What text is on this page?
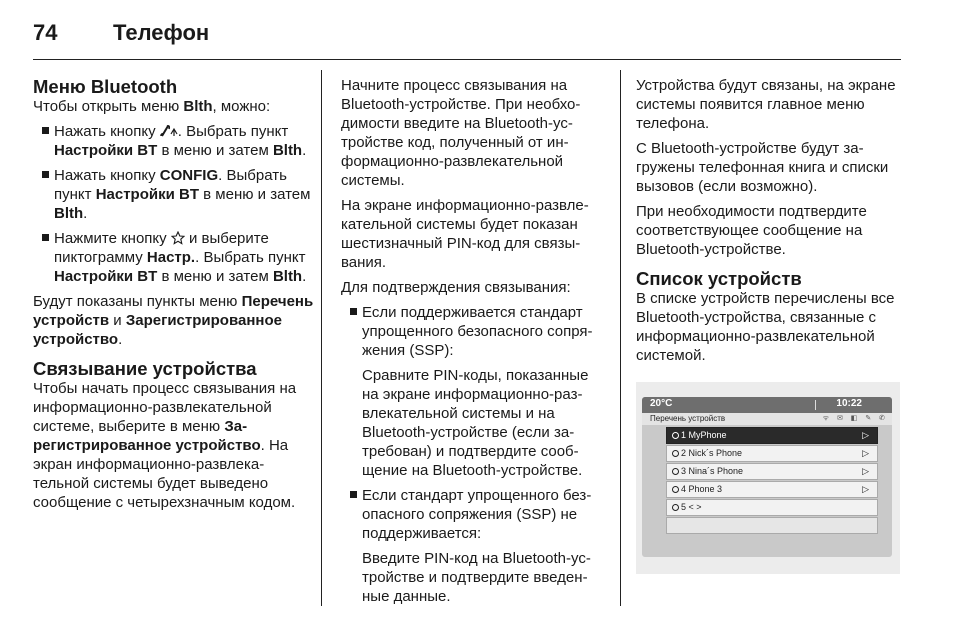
74	Телефон
Меню Bluetooth

Чтобы открыть меню Blth, можно:

Нажать кнопку . Выбрать пункт Настройки BT в меню и затем Blth.
Нажать кнопку CONFIG. Выбрать пункт Настройки BT в меню и затем Blth.
Нажмите кнопку  и выберите пиктограмму Настр.. Выбрать пункт Настройки BT в меню и затем Blth.

Будут показаны пункты меню Перечень устройств и Зарегистрированное устройство.

Связывание устройства

Чтобы начать процесс связывания на информационно-развлекательной системе, выберите в меню Зарегистрированное устройство. На экран информационно-развлекательной системы будет выведено сообщение с четырехзначным кодом.

Начните процесс связывания на Bluetooth-устройстве. При необходимости введите на Bluetooth-устройстве код, полученный от информационно-развлекательной системы.

На экране информационно-развлекательной системы будет показан шестизначный PIN-код для связывания.

Для подтверждения связывания:

Если поддерживается стандарт упрощенного безопасного сопряжения (SSP):

Сравните PIN-коды, показанные на экране информационно-развлекательной системы и на Bluetooth-устройстве (если затребован) и подтвердите сообщение на Bluetooth-устройстве.

Если стандарт упрощенного безопасного сопряжения (SSP) не поддерживается:

Введите PIN-код на Bluetooth-устройстве и подтвердите введенные данные.

Устройства будут связаны, на экране системы появится главное меню телефона.

С Bluetooth-устройстве будут загружены телефонная книга и списки вызовов (если возможно).

При необходимости подтвердите соответствующее сообщение на Bluetooth-устройстве.

Список устройств

В списке устройств перечислены все Bluetooth-устройства, связанные с информационно-развлекательной системой.

20°C	10:22
Перечень устройств	ᯤ ✉ ◧ ✎ ✆
1 MyPhone	▷
2 Nick´s Phone	▷
3 Nina´s Phone	▷
4 Phone 3	▷
5 < >
